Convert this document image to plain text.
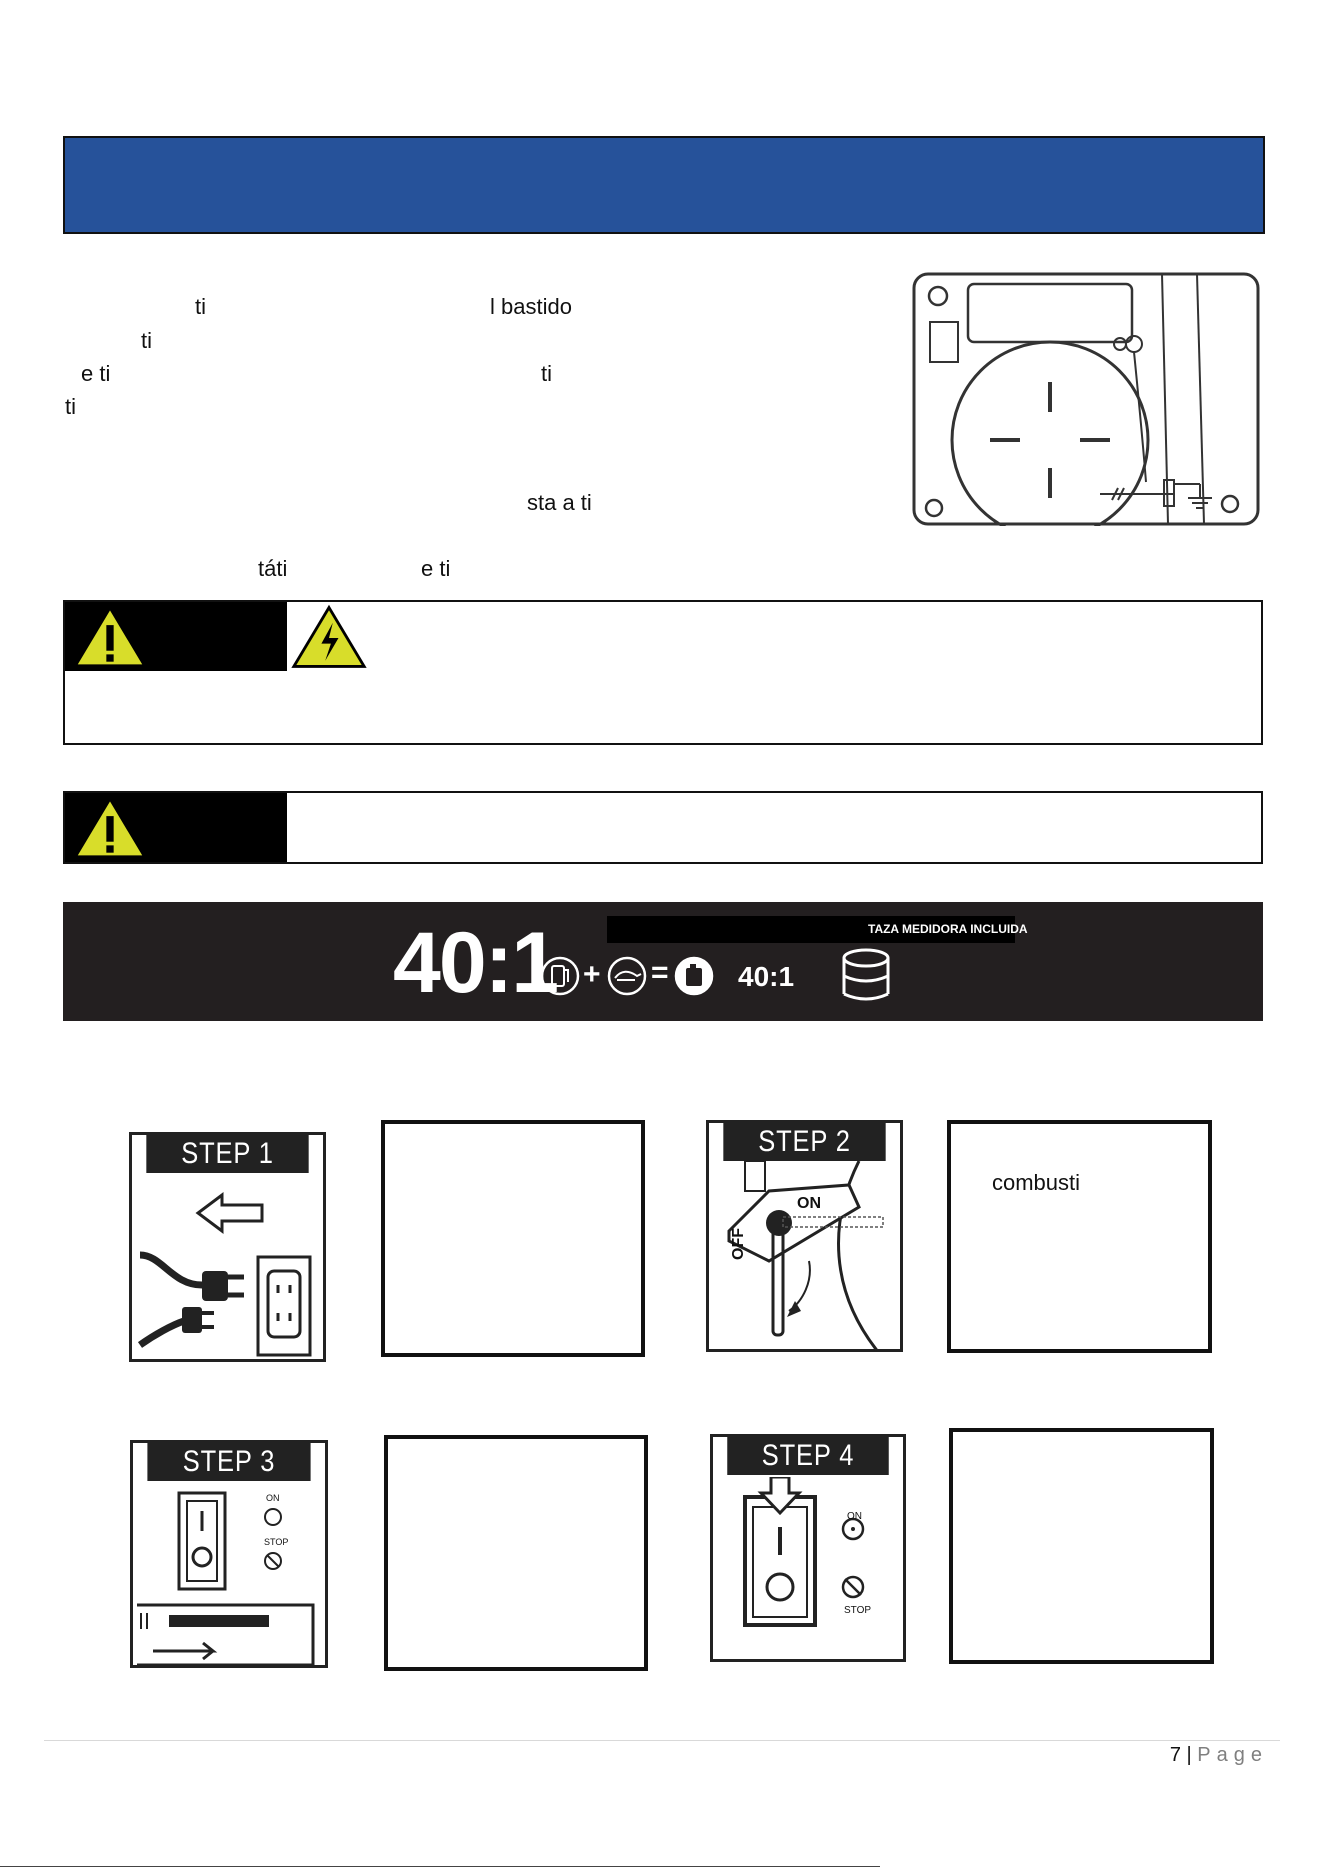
ti	l bastido
ti
e ti	ti
ti
sta a ti
táti	e ti
TAZA MEDIDORA INCLUIDA
40:1 + = 40:1
STEP 1	STEP 2
ON
OFF
combusti
STEP 3
ON
STOP
STEP 4
ON
STOP
7 | Page
